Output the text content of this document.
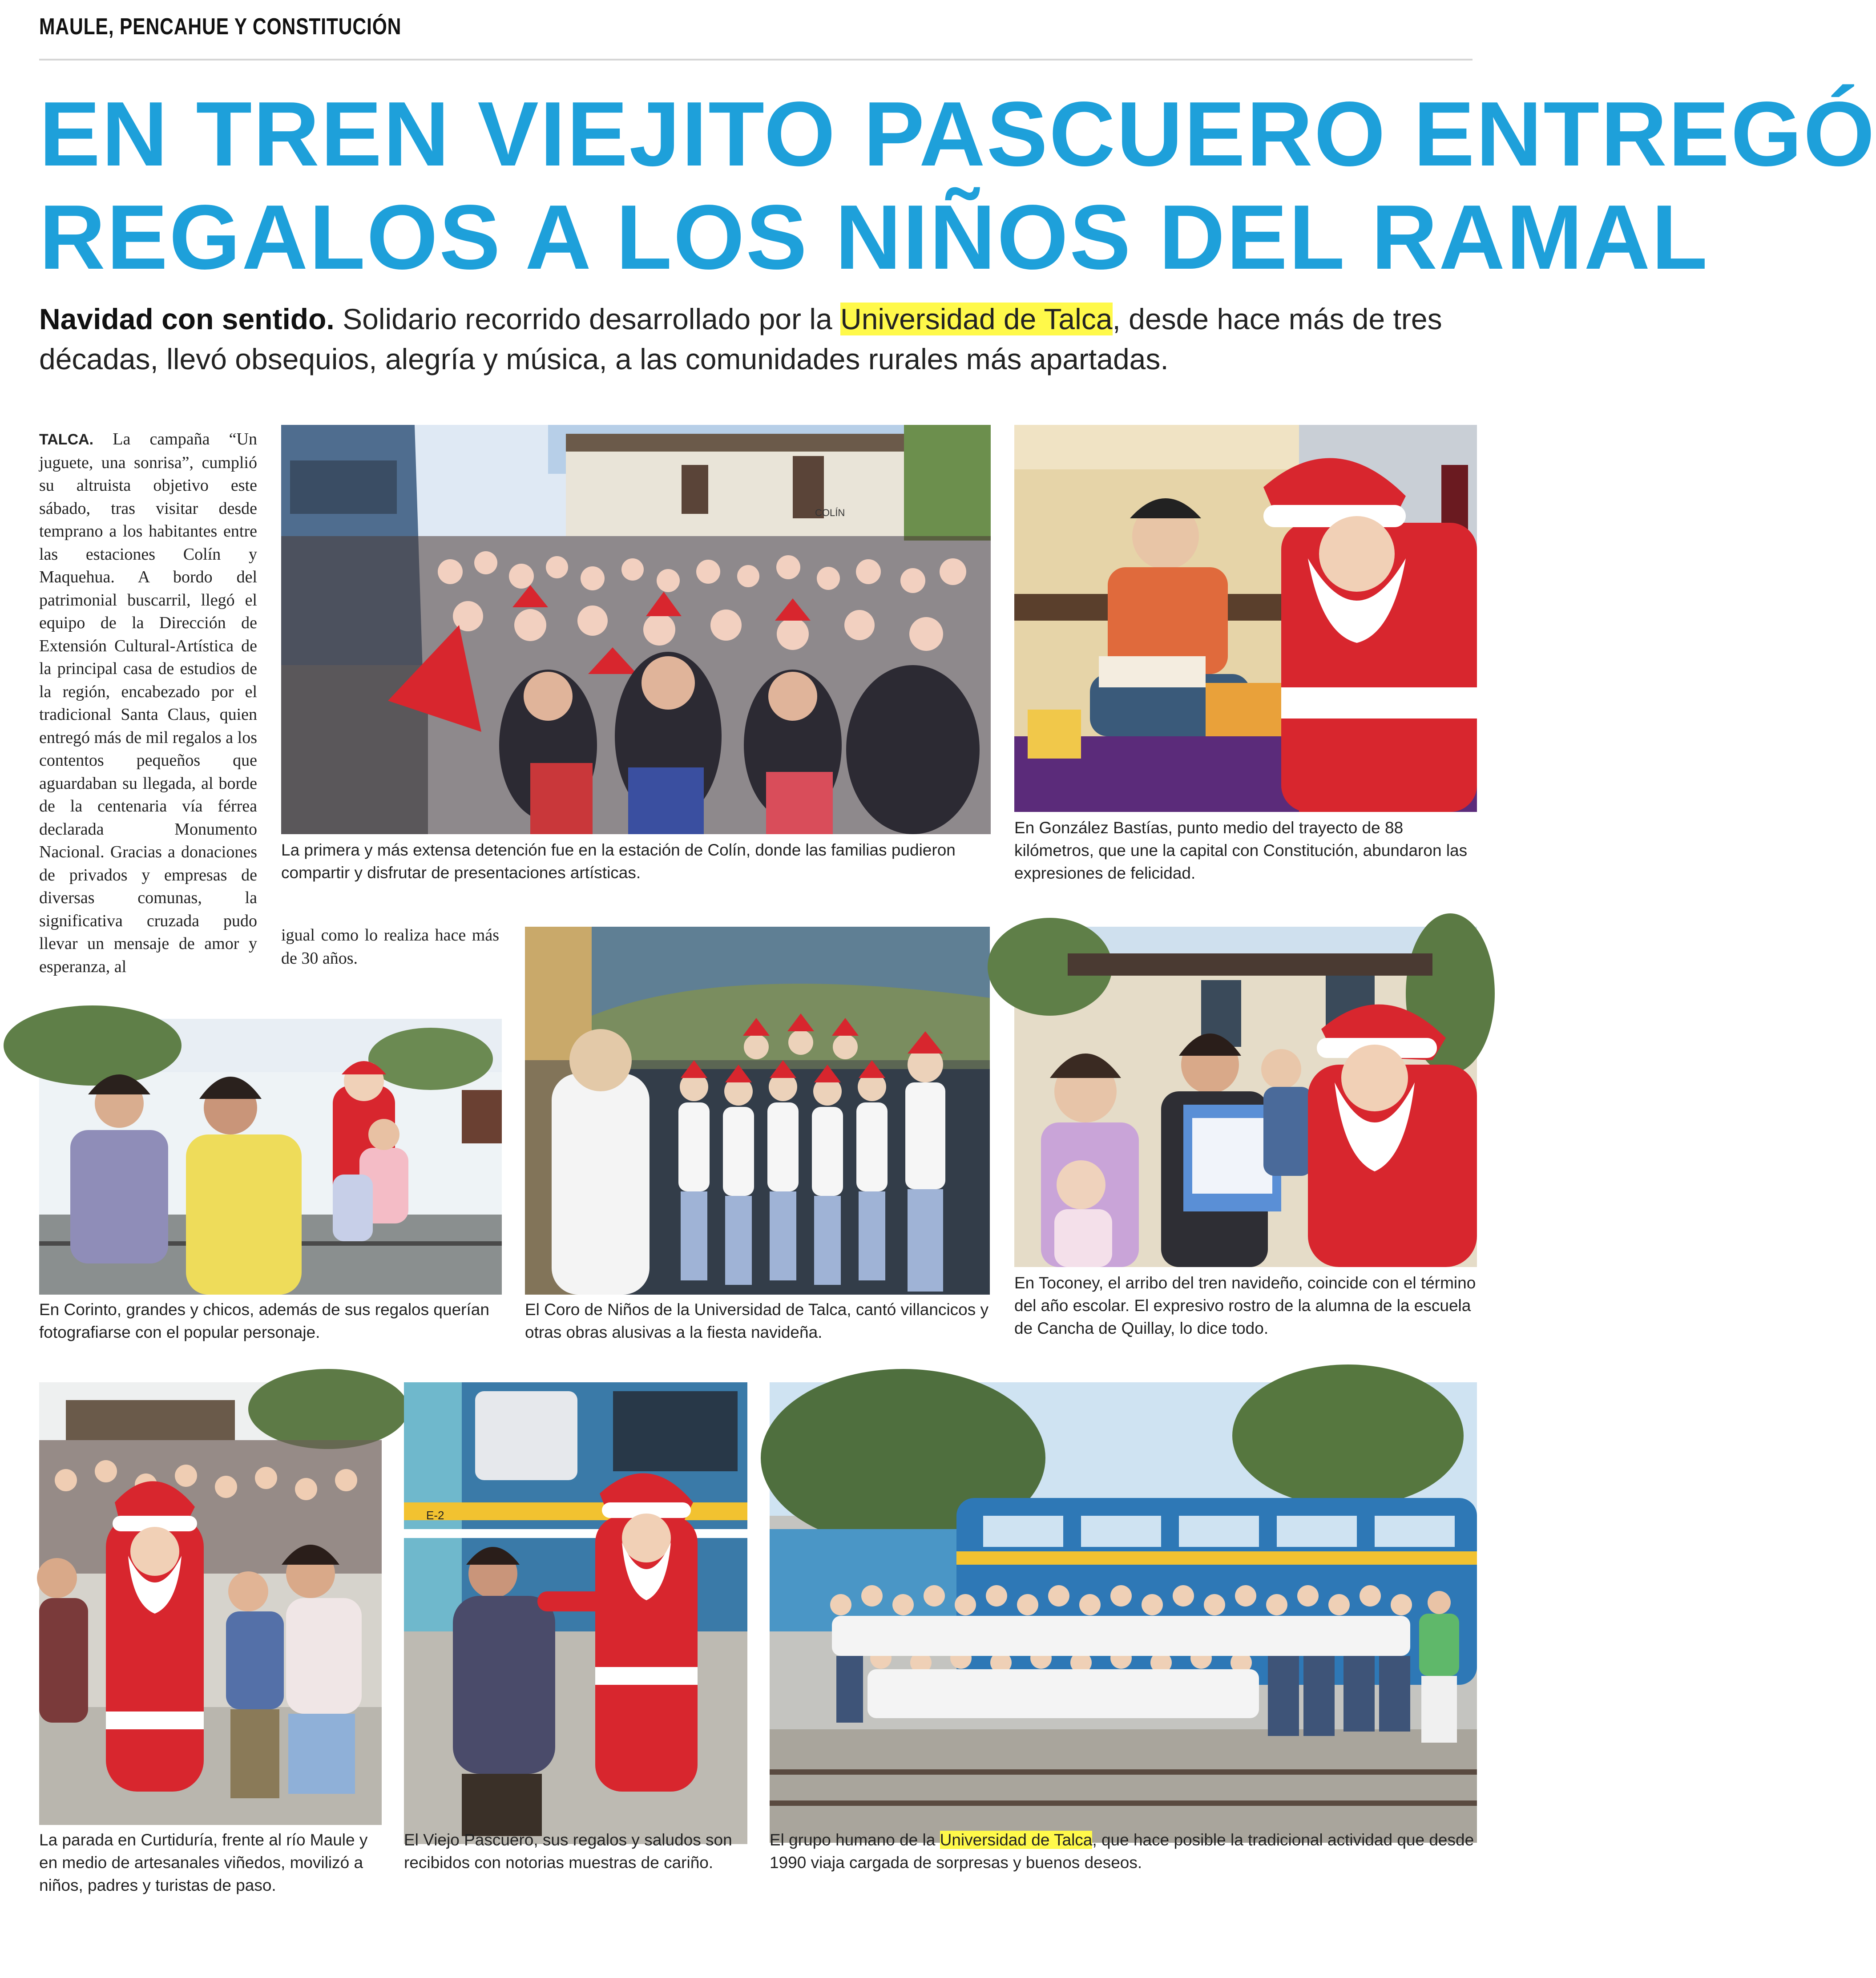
MAULE, PENCAHUE Y CONSTITUCIÓN
EN TREN VIEJITO PASCUERO ENTREGÓ
REGALOS A LOS NIÑOS DEL RAMAL

Navidad con sentido. Solidario recorrido desarrollado por la Universidad de Talca, desde hace más de tres décadas, llevó obsequios, alegría y música, a las comunidades rurales más apartadas.

TALCA. La campaña “Un juguete, una sonrisa”, cumplió su altruista objetivo este sábado, tras visitar desde temprano a los habitantes entre las estaciones Colín y Maquehua. A bordo del patrimonial buscarril, llegó el equipo de la Dirección de Extensión Cultural-Artística de la principal casa de estudios de la región, encabezado por el tradicional Santa Claus, quien entregó más de mil regalos a los contentos pequeños que aguardaban su llegada, al borde de la centenaria vía férrea declarada Monumento Nacional. Gracias a donaciones de privados y empresas de diversas comunas, la significativa cruzada pudo llevar un mensaje de amor y esperanza, al
igual como lo realiza hace más de 30 años.
COLÍN

La primera y más extensa detención fue en la estación de Colín, donde las familias pudieron compartir y disfrutar de presentaciones artísticas.

En González Bastías, punto medio del trayecto de 88 kilómetros, que une la capital con Constitución, abundaron las expresiones de felicidad.

En Corinto, grandes y chicos, además de sus regalos querían fotografiarse con el popular personaje.

El Coro de Niños de la Universidad de Talca, cantó villancicos y otras obras alusivas a la fiesta navideña.

En Toconey, el arribo del tren navideño, coincide con el término del año escolar. El expresivo rostro de la alumna de la escuela de Cancha de Quillay, lo dice todo.

La parada en Curtiduría, frente al río Maule y en medio de artesanales viñedos, movilizó a niños, padres y turistas de paso.

E-2

El Viejo Pascuero, sus regalos y saludos son recibidos con notorias muestras de cariño.

El grupo humano de la Universidad de Talca, que hace posible la tradicional actividad que desde 1990 viaja cargada de sorpresas y buenos deseos.
